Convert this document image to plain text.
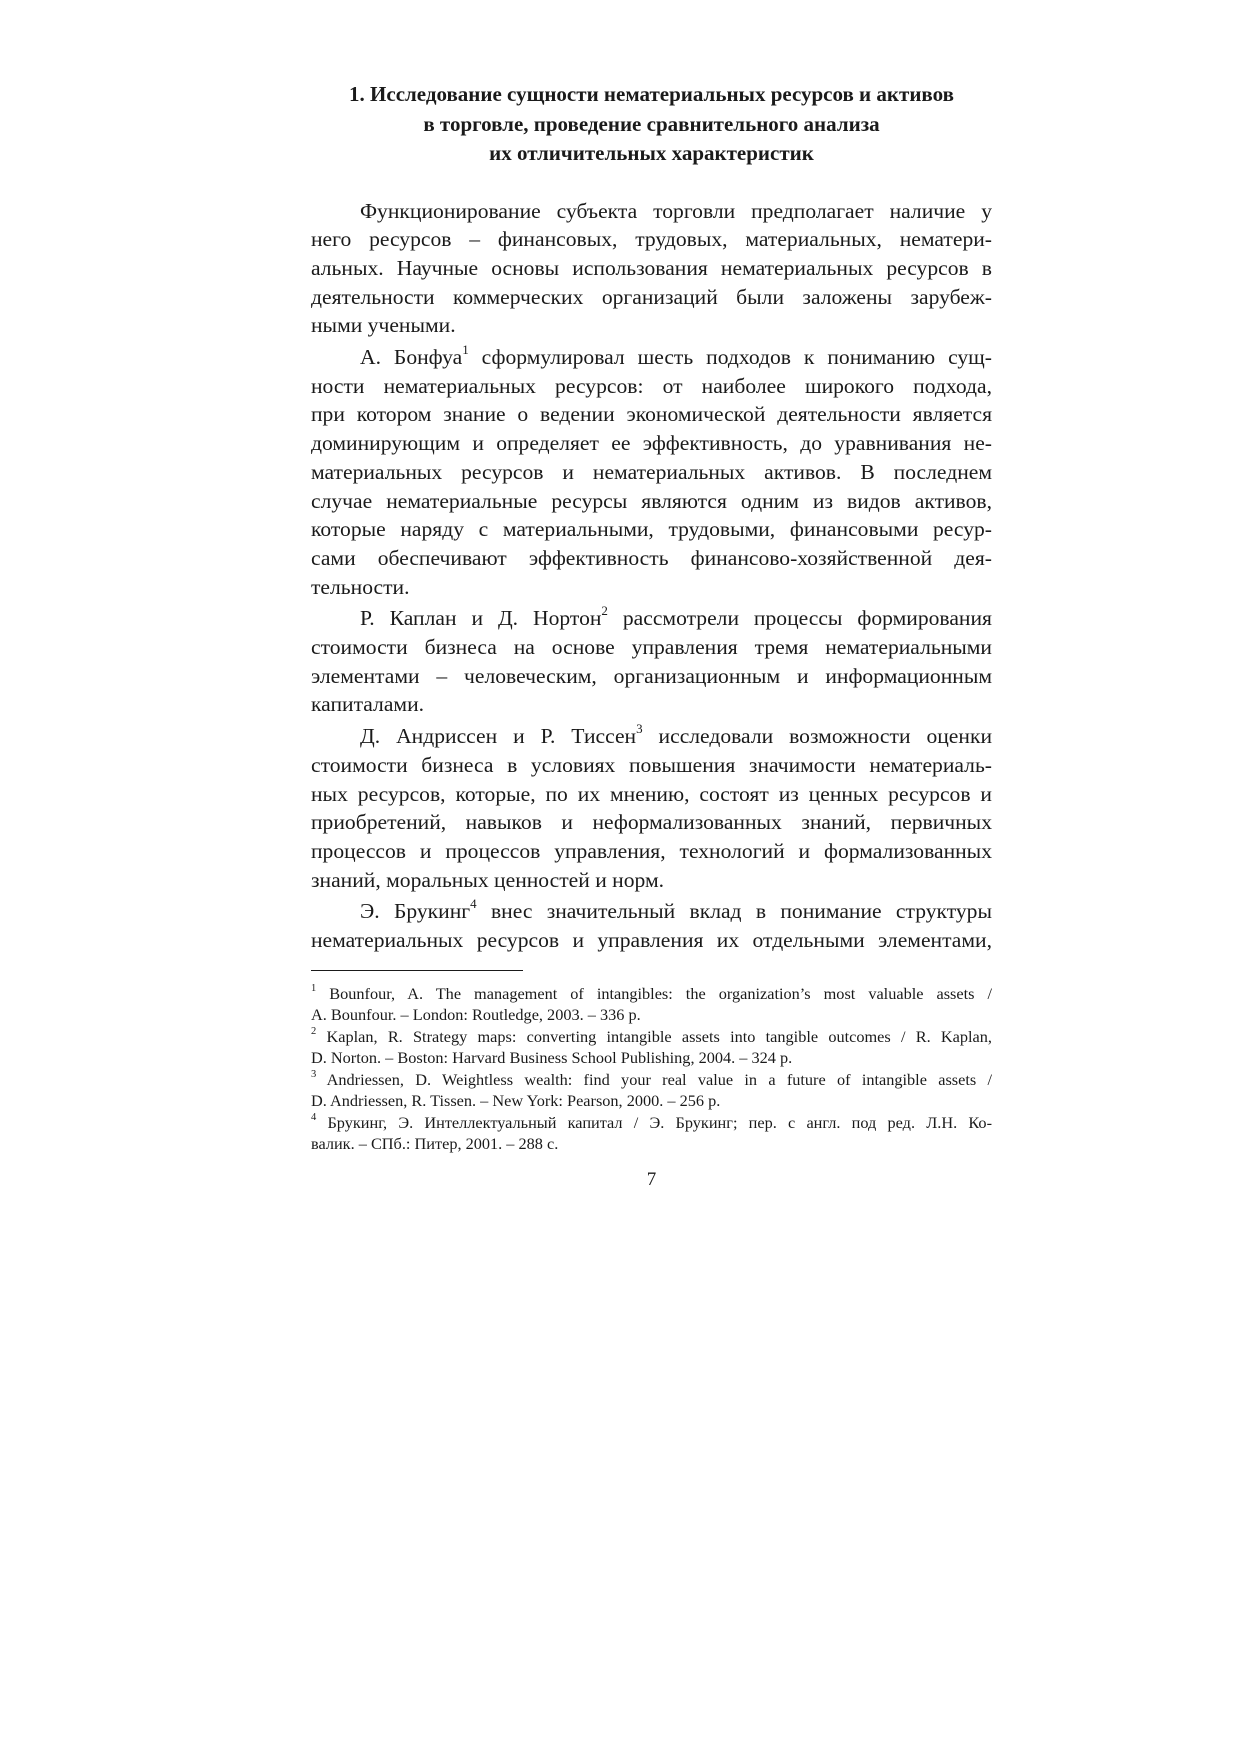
1. Исследование сущности нематериальных ресурсов и активов
в торговле, проведение сравнительного анализа
их отличительных характеристик

Функционирование субъекта торговли предполагает наличие у
него ресурсов – финансовых, трудовых, материальных, нематери-
альных. Научные основы использования нематериальных ресурсов в
деятельности коммерческих организаций были заложены зарубеж-
ными учеными.

А. Бонфуа$^1$ сформулировал шесть подходов к пониманию сущ-
ности нематериальных ресурсов: от наиболее широкого подхода,
при котором знание о ведении экономической деятельности является
доминирующим и определяет ее эффективность, до уравнивания не-
материальных ресурсов и нематериальных активов. В последнем
случае нематериальные ресурсы являются одним из видов активов,
которые наряду с материальными, трудовыми, финансовыми ресур-
сами обеспечивают эффективность финансово-хозяйственной дея-
тельности.

Р. Каплан и Д. Нортон$^2$ рассмотрели процессы формирования
стоимости бизнеса на основе управления тремя нематериальными
элементами – человеческим, организационным и информационным
капиталами.

Д. Андриссен и Р. Тиссен$^3$ исследовали возможности оценки
стоимости бизнеса в условиях повышения значимости нематериаль-
ных ресурсов, которые, по их мнению, состоят из ценных ресурсов и
приобретений, навыков и неформализованных знаний, первичных
процессов и процессов управления, технологий и формализованных
знаний, моральных ценностей и норм.

Э. Брукинг$^4$ внес значительный вклад в понимание структуры
нематериальных ресурсов и управления их отдельными элементами,

$^1$ Bounfour, A. The management of intangibles: the organization’s most valuable assets /
A. Bounfour. – London: Routledge, 2003. – 336 p.

$^2$ Kaplan, R. Strategy maps: converting intangible assets into tangible outcomes / R. Kaplan,
D. Norton. – Boston: Harvard Business School Publishing, 2004. – 324 p.

$^3$ Andriessen, D. Weightless wealth: find your real value in a future of intangible assets /
D. Andriessen, R. Tissen. – New York: Pearson, 2000. – 256 p.

$^4$ Брукинг, Э. Интеллектуальный капитал / Э. Брукинг; пер. с англ. под ред. Л.Н. Ко-
валик. – СПб.: Питер, 2001. – 288 с.

7
